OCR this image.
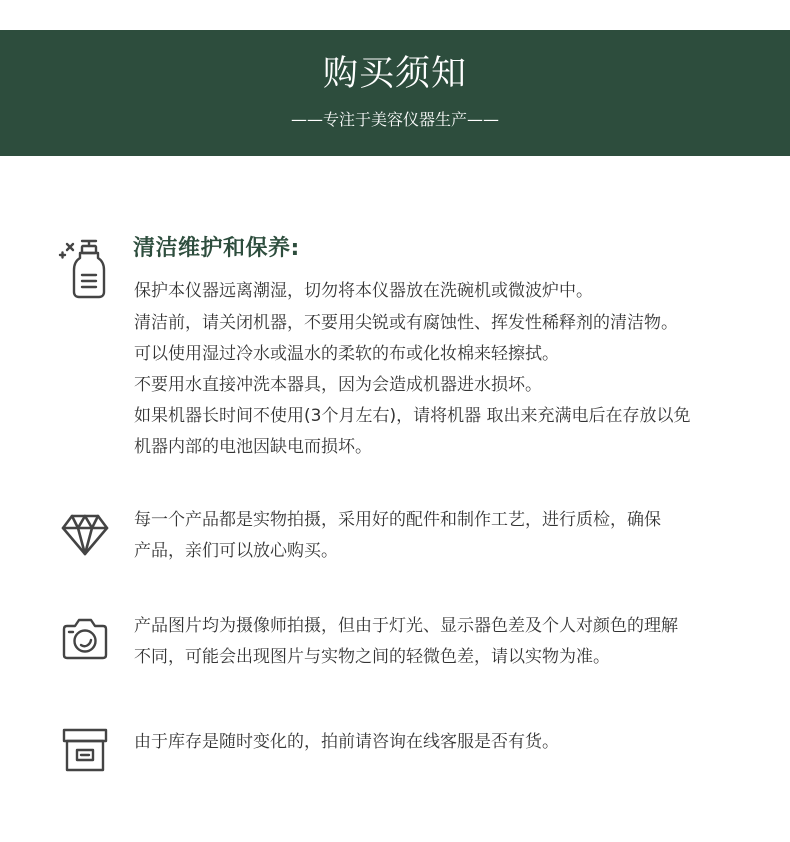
购买须知
——专注于美容仪器生产——
清洁维护和保养:
保护本仪器远离潮湿，切勿将本仪器放在洗碗机或微波炉中。
清洁前，请关闭机器，不要用尖锐或有腐蚀性、挥发性稀释剂的清洁物。
可以使用湿过冷水或温水的柔软的布或化妆棉来轻擦拭。
不要用水直接冲洗本器具，因为会造成机器进水损坏。
如果机器长时间不使用(3个月左右)，请将机器 取出来充满电后在存放以免
机器内部的电池因缺电而损坏。
每一个产品都是实物拍摄，采用好的配件和制作工艺，进行质检，确保
产品，亲们可以放心购买。
产品图片均为摄像师拍摄，但由于灯光、显示器色差及个人对颜色的理解
不同，可能会出现图片与实物之间的轻微色差，请以实物为准。
由于库存是随时变化的，拍前请咨询在线客服是否有货。
